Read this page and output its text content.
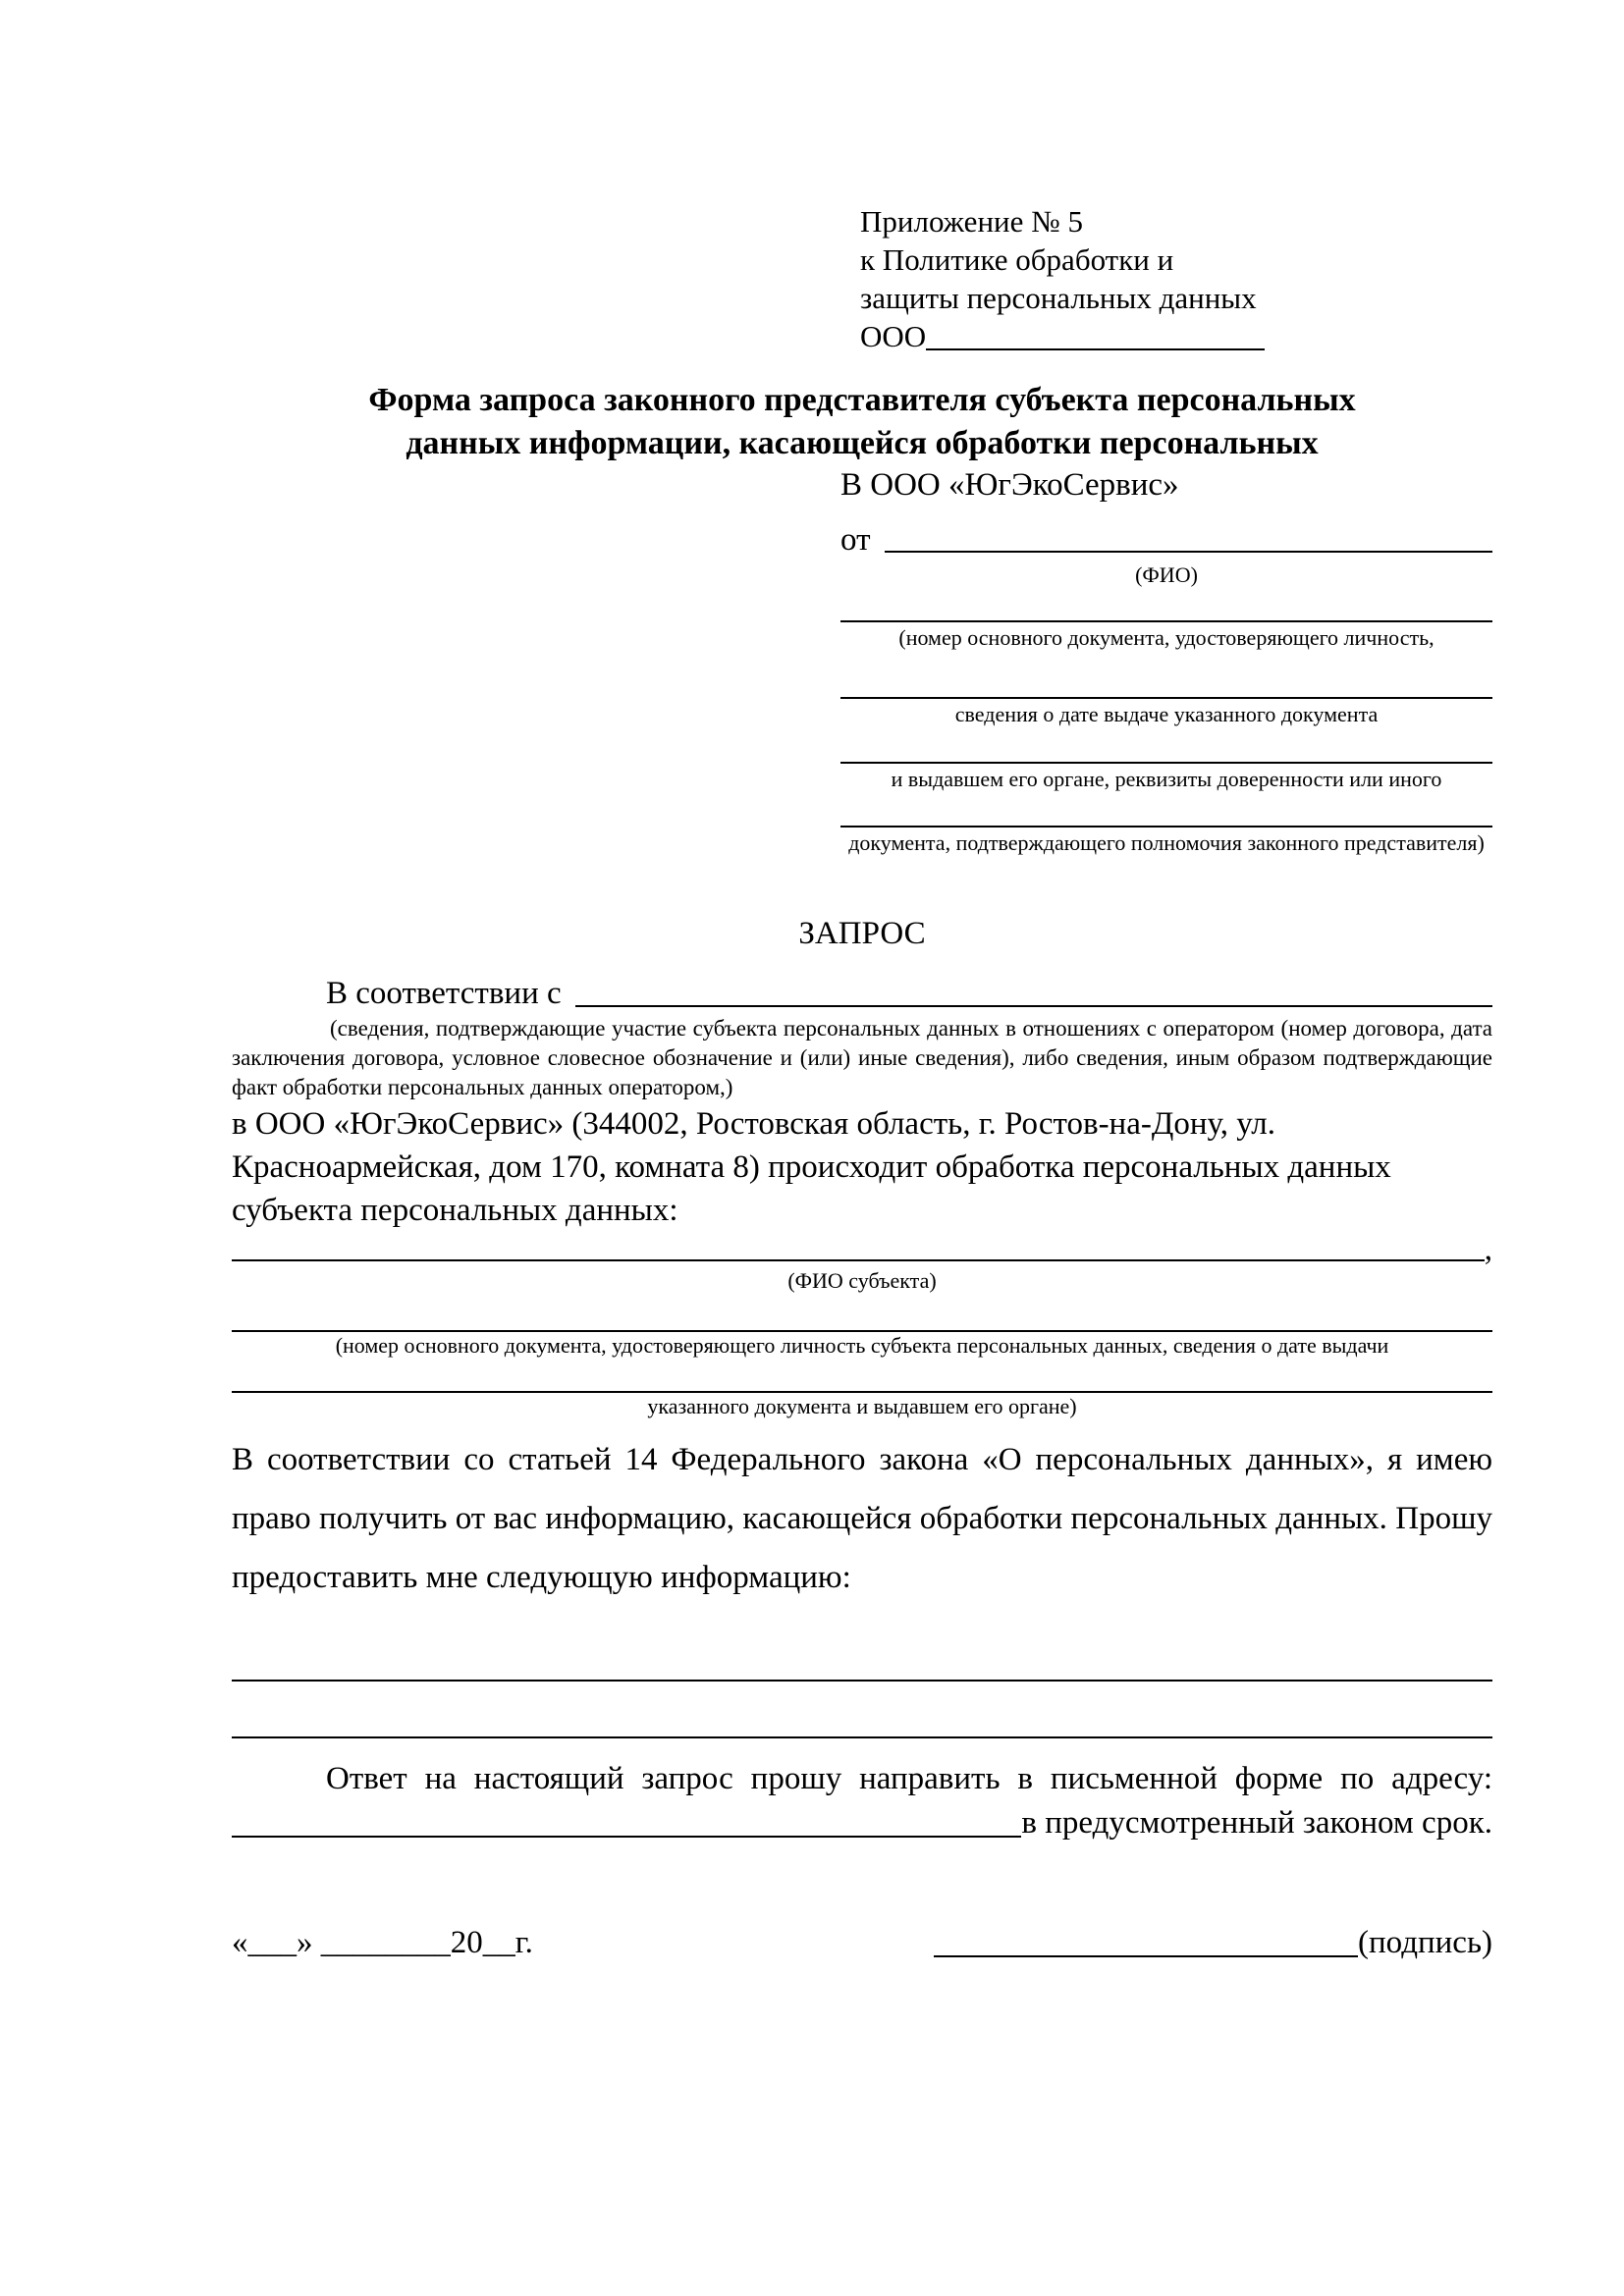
Приложение № 5
к Политике обработки и
защиты персональных данных
ООО
Форма запроса законного представителя субъекта персональных
данных информации, касающейся обработки персональных
В ООО «ЮгЭкоСервис»
от
(ФИО)
(номер основного документа, удостоверяющего личность,
сведения о дате выдаче указанного документа
и выдавшем его органе, реквизиты доверенности или иного
документа, подтверждающего полномочия законного представителя)
ЗАПРОС
В соответствии с
(сведения, подтверждающие участие субъекта персональных данных в отношениях с оператором (номер договора, дата заключения договора, условное словесное обозначение и (или) иные сведения), либо сведения, иным образом подтверждающие факт обработки персональных данных оператором,)
в ООО «ЮгЭкоСервис» (344002, Ростовская область, г. Ростов-на-Дону, ул.
Красноармейская, дом 170, комната 8) происходит обработка персональных данных
субъекта персональных данных:
,
(ФИО субъекта)
(номер основного документа, удостоверяющего личность субъекта персональных данных, сведения о дате выдачи
указанного документа и выдавшем его органе)
В соответствии со статьей 14 Федерального закона «О персональных данных», я имею право получить от вас информацию, касающейся обработки персональных данных. Прошу предоставить мне следующую информацию:
Ответ на настоящий запрос прошу направить в письменной форме по адресу:
в предусмотренный законом срок.
«___» ________20__г.	(подпись)
